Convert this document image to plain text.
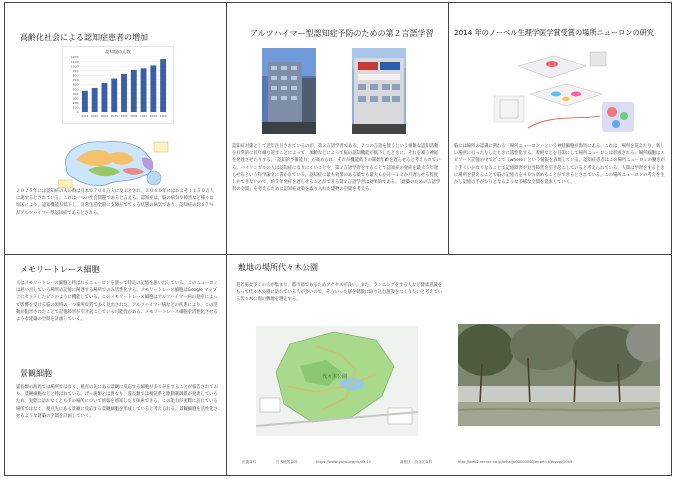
高齢化社会による認知症患者の増加
認知症の人数
2012 2015 2020 2025 2030 2035 2040 2050 2060
0
100
200
300
400
500
600
700
800
900
1000
1100
1200
２０２５年には認知症の人の数は日本で７００万人に及ぶとされ、２０６０年にはおよそ１１５０万人に達するとされている。これは一つの社会問題であると言える。認知症は、脳の病気や障害など様々な原因により、認知機能が低下し、日常生活全般に支障がでてくる状態の病気であり、認知症の約６７％がアルツハイマー型認知症であるとされる。
アルツハイマー型認知症予防のための第２言語学習
認知症対策として近年注目されているのが、第２言語学習である。２つの言語を使うという複雑な認知活動を日常的に長年繰り返すことによって、加齢などによって脳の認知機能が低下したときに、それを補う神経を発達させたりする。「認知的予備能力」が高められ、それが機能低下の開始年齢を遅らせると考えられている。バイリンガルの人は認知症になりにくいことや、第２言語学習をすることで認知症の発症を最大５年遅らせるという科学論文に書かれている。認知症に最も効果のある薬でも最大６か月〜１２か月遅らせる程度しかできないので、約５年発症を遅らせることができる第２言語学習は効果的である。「建築のための言語学習の空間」を考えるために認知症対策を取り入れた建物の空間を考える。
2014 年のノーベル生理学医学賞受賞の場所ニューロンの研究
脳には場所の認識に関わる「場所ニューロン」という神経細胞が海馬にある。これは、場所を覚えたり、新しい場所に行ったりしたときに活性化する。着板などを目印にして場所ニューロンは形成される。場所細胞はエピソード記憶の中でどこで（where）という情報を表現している。認知症患者はこの場所ニューロンの働きが上手くいかなくなることで記憶障害や見当障害を引き起こしていると考えられている。人間は学習をするときに場所を覚えることで脳の記憶力を４０％高めることができるとされている。この場所ニューロンの考えを生かし記憶の手がかりとなるような多様な空間を追求していく。
メモリートレース細胞
人はメモリートレース細胞と呼ばれるニューロンを使って特定の記憶を思い出している。このニューロンは思い出している場所の記憶に関連する場所でのみ活性化する。メモリートレース細胞はGoogle マップ上にセットしたピンのように機能している。このメモリートレース細胞はアルツハイマー病の発症によって影響を受ける脳の領域の一つ場所皮質で多く見出された。アルツハイマー病などの疾患により、この活動が阻害されたことで記憶障害が引き起こしている可能性がある。メモリートレース細胞を活性化させるような建築の空間を計画していく。
景観細胞
霊長類の海馬では場所ではなく、視点の先にある景観に反応する細胞が多く存在することが報告されており、景観細胞などと呼ばれている。げっ歯類とは異なり、霊長類では視覚系と歌動制御系が発達しているため、実際に訪れなくとも手の場所について情報を感知したり探索できる。この能力が実際に訪れている場所ではなく、視点先にある景観に反応する景観細胞を形成していると考えられる。景観細胞を活性化させるような建築の空間を計画していく。
敷地の場所代々木公園
老若男女多くの人が集まり、都市部であるためアクセスが良い。また、ランニングをする人など健康意識をもって代々木公園に訪れている人が多いので、そういった層を刺激に取り込む施設をつくりたいと考えている代々木公園の敷地を選定する。
代々木公園
出典資料	日本地図資料	https://www.yoyo.org/ck/03-15	新宿区　渋谷区資料	http://web2.recruit.ne.jp/mba/jp00000000/enset=t/Yoyogi/2009
